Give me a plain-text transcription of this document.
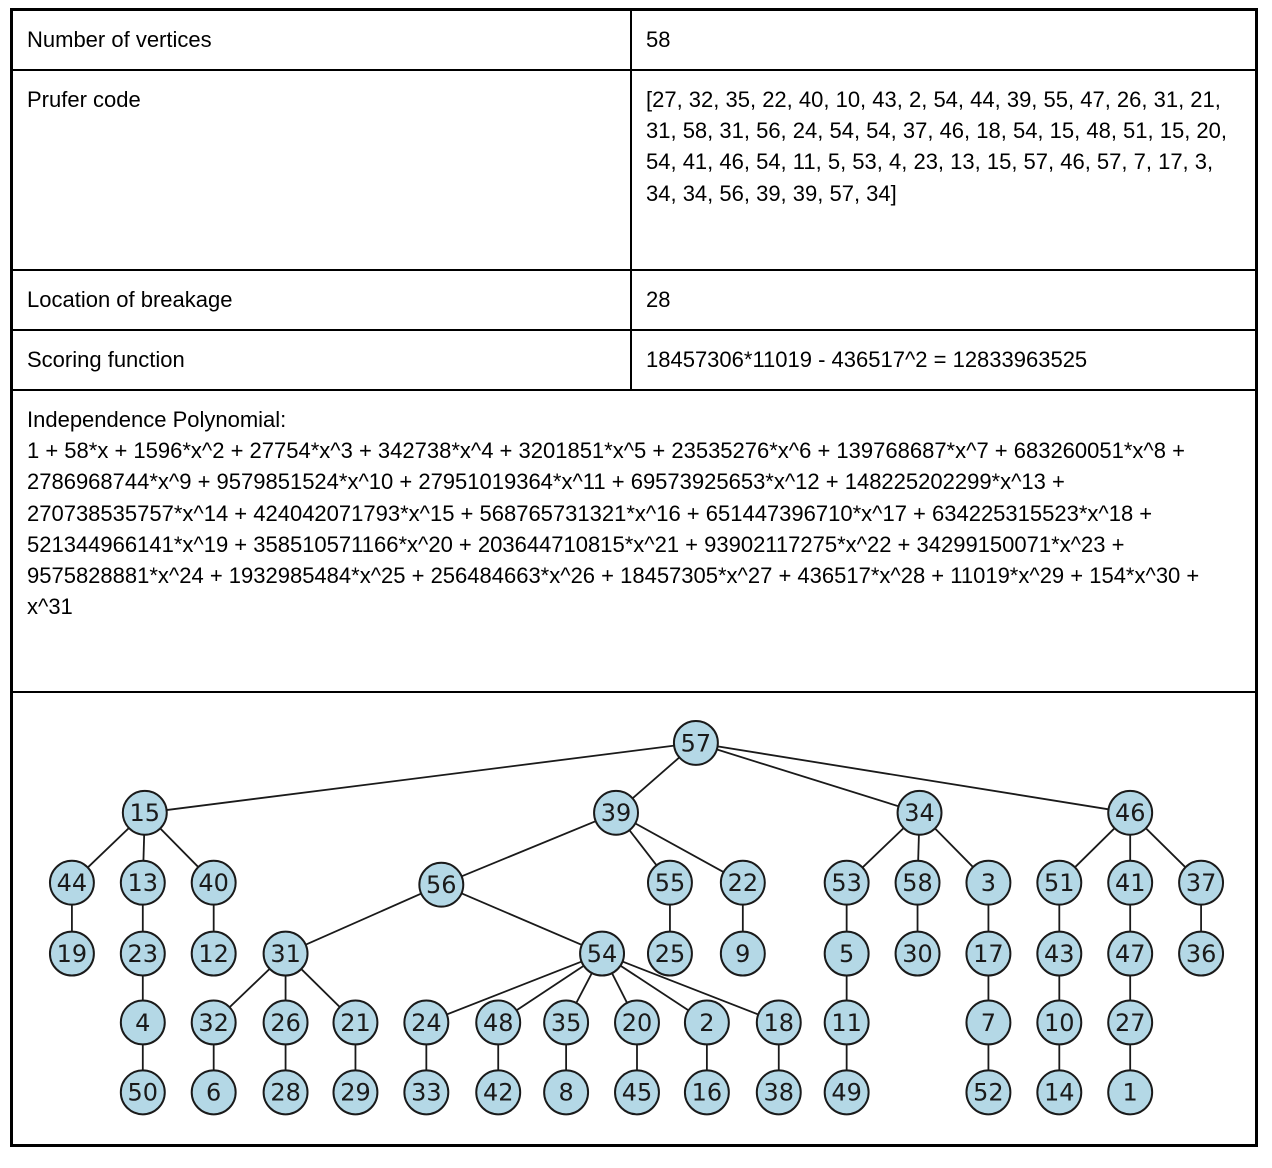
Number of vertices	58
Prufer code	[27, 32, 35, 22, 40, 10, 43, 2, 54, 44, 39, 55, 47, 26, 31, 21, 31, 58, 31, 56, 24, 54, 54, 37, 46, 18, 54, 15, 48, 51, 15, 20, 54, 41, 46, 54, 11, 5, 53, 4, 23, 13, 15, 57, 46, 57, 7, 17, 3, 34, 34, 56, 39, 39, 57, 34]
Location of breakage	28
Scoring function	18457306*11019 - 436517^2 = 12833963525
Independence Polynomial:
1 + 58*x + 1596*x^2 + 27754*x^3 + 342738*x^4 + 3201851*x^5 + 23535276*x^6 + 139768687*x^7 + 683260051*x^8 + 2786968744*x^9 + 9579851524*x^10 + 27951019364*x^11 + 69573925653*x^12 + 148225202299*x^13 + 270738535757*x^14 + 424042071793*x^15 + 568765731321*x^16 + 651447396710*x^17 + 634225315523*x^18 + 521344966141*x^19 + 358510571166*x^20 + 203644710815*x^21 + 93902117275*x^22 + 34299150071*x^23 + 9575828881*x^24 + 1932985484*x^25 + 256484663*x^26 + 18457305*x^27 + 436517*x^28 + 11019*x^29 + 154*x^30 + x^31
57
15	39	34	46
44 13 40	56	55 22	53 58 3 51 41 37
19 23 12 31	54 25 9	5 30 17 43 47 36
4 32 26 21 24 48 35 20 2 18 11	7 10 27
50 6 28 29 33 42 8 45 16 38 49	52 14 1
